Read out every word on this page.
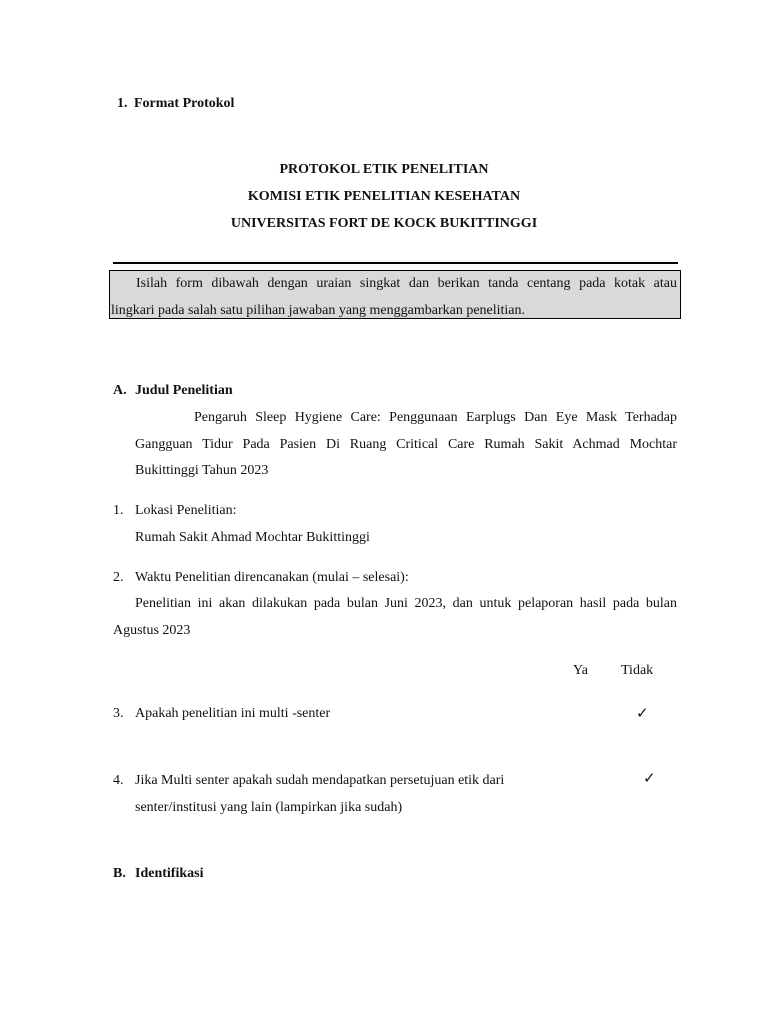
1. Format Protokol
PROTOKOL ETIK PENELITIAN
KOMISI ETIK PENELITIAN KESEHATAN
UNIVERSITAS FORT DE KOCK BUKITTINGGI
Isilah form dibawah dengan uraian singkat dan berikan tanda centang pada kotak atau
lingkari pada salah satu pilihan jawaban yang menggambarkan penelitian.
A. Judul Penelitian
Pengaruh Sleep Hygiene Care: Penggunaan Earplugs Dan Eye Mask Terhadap
Gangguan Tidur Pada Pasien Di Ruang Critical Care Rumah Sakit Achmad Mochtar
Bukittinggi Tahun 2023
1. Lokasi Penelitian:
Rumah Sakit Ahmad Mochtar Bukittinggi
2. Waktu Penelitian direncanakan (mulai – selesai):
Penelitian ini akan dilakukan pada bulan Juni 2023, dan untuk pelaporan hasil pada bulan
Agustus 2023
Ya Tidak
3. Apakah penelitian ini multi -senter	✓
4. Jika Multi senter apakah sudah mendapatkan persetujuan etik dari
senter/institusi yang lain (lampirkan jika sudah)
✓
B. Identifikasi
